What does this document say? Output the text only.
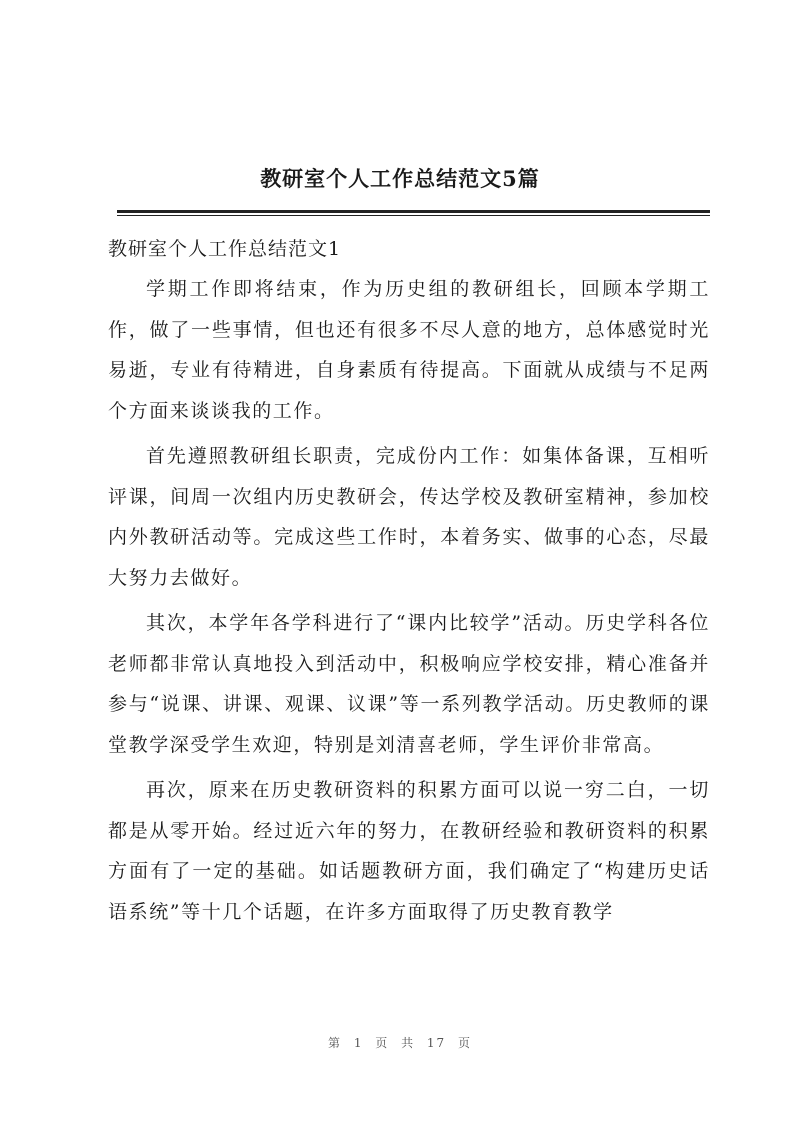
教研室个人工作总结范文5篇

教研室个人工作总结范文1

学期工作即将结束，作为历史组的教研组长，回顾本学期工作，做了一些事情，但也还有很多不尽人意的地方，总体感觉时光易逝，专业有待精进，自身素质有待提高。下面就从成绩与不足两个方面来谈谈我的工作。

首先遵照教研组长职责，完成份内工作：如集体备课，互相听评课，间周一次组内历史教研会，传达学校及教研室精神，参加校内外教研活动等。完成这些工作时，本着务实、做事的心态，尽最大努力去做好。

其次，本学年各学科进行了“课内比较学”活动。历史学科各位老师都非常认真地投入到活动中，积极响应学校安排，精心准备并参与“说课、讲课、观课、议课”等一系列教学活动。历史教师的课堂教学深受学生欢迎，特别是刘清喜老师，学生评价非常高。

再次，原来在历史教研资料的积累方面可以说一穷二白，一切都是从零开始。经过近六年的努力，在教研经验和教研资料的积累方面有了一定的基础。如话题教研方面，我们确定了“构建历史话语系统”等十几个话题，在许多方面取得了历史教育教学

第 1 页 共 17 页
